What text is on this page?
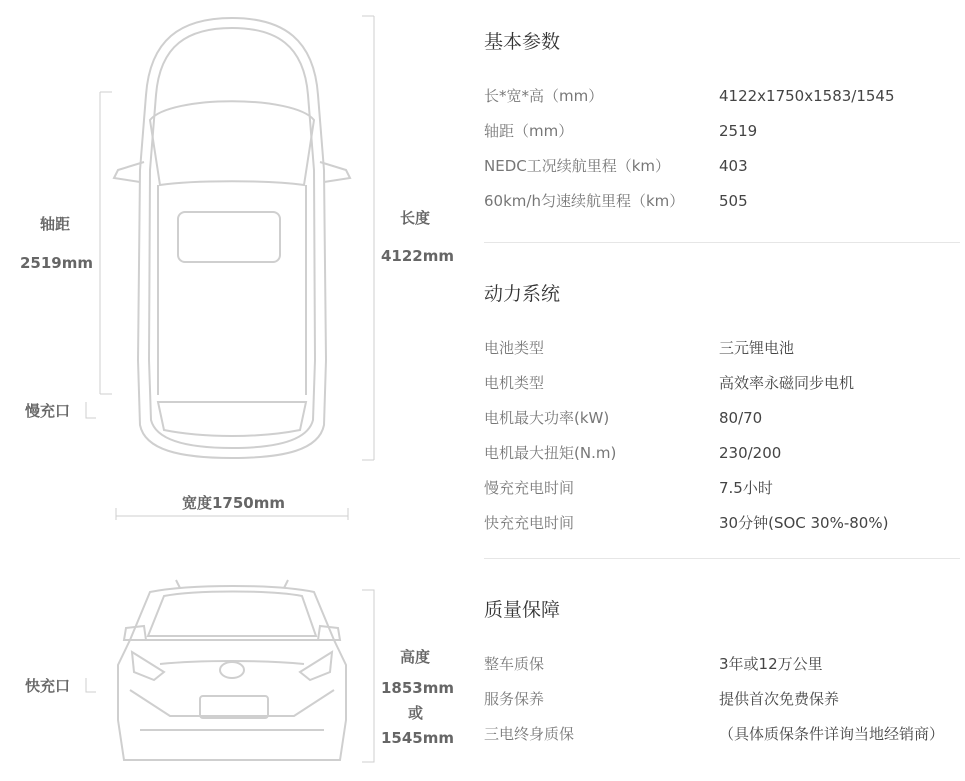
轴距
2519mm
长度
4122mm
慢充口
宽度1750mm
快充口
高度
1853mm
或
1545mm
基本参数
长*宽*高（mm）	4122x1750x1583/1545
轴距（mm）	2519
NEDC工况续航里程（km）	403
60km/h匀速续航里程（km） 505
动力系统
电池类型	三元锂电池
电机类型	高效率永磁同步电机
电机最大功率(kW)	80/70
电机最大扭矩(N.m)	230/200
慢充充电时间	7.5小时
快充充电时间	30分钟(SOC 30%-80%)
质量保障
整车质保	3年或12万公里
服务保养	提供首次免费保养
三电终身质保	（具体质保条件详询当地经销商）
